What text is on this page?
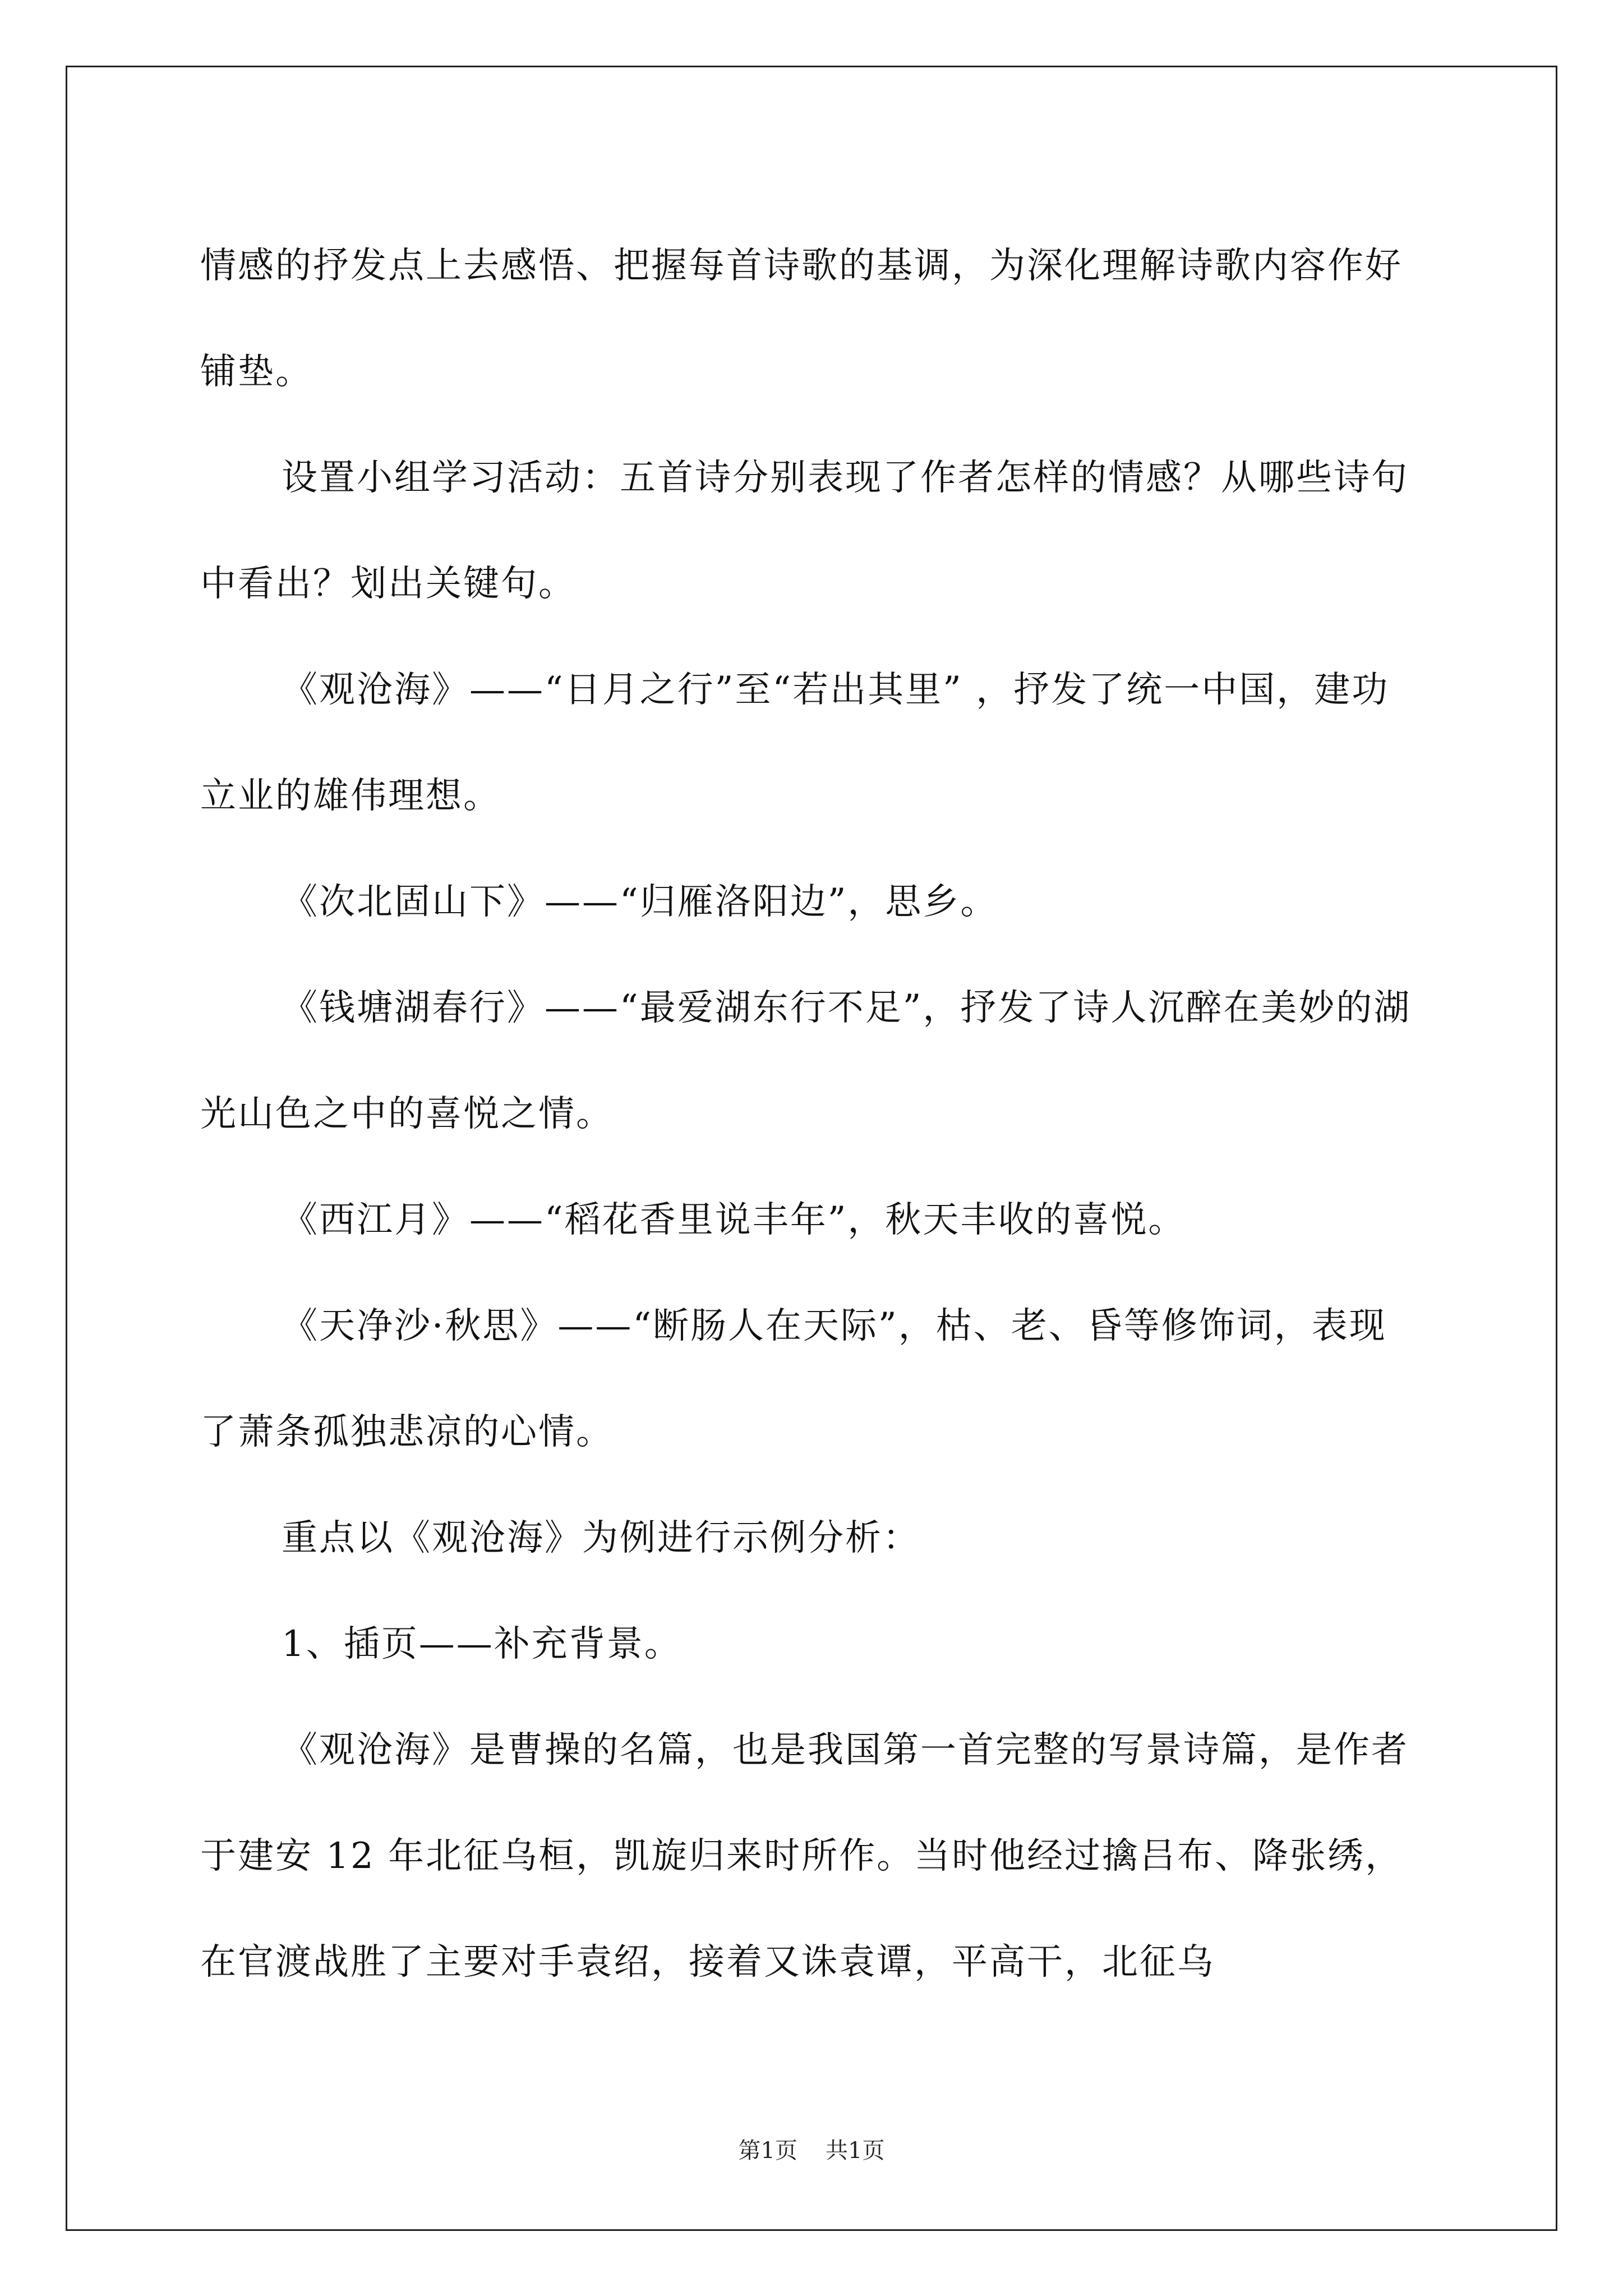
情感的抒发点上去感悟、把握每首诗歌的基调，为深化理解诗歌内容作好铺垫。

设置小组学习活动：五首诗分别表现了作者怎样的情感？从哪些诗句中看出？划出关键句。

《观沧海》——“日月之行”至“若出其里” ，抒发了统一中国，建功立业的雄伟理想。

《次北固山下》——“归雁洛阳边”，思乡。

《钱塘湖春行》——“最爱湖东行不足”，抒发了诗人沉醉在美妙的湖光山色之中的喜悦之情。

《西江月》——“稻花香里说丰年”，秋天丰收的喜悦。

《天净沙·秋思》——“断肠人在天际”，枯、老、昏等修饰词，表现了萧条孤独悲凉的心情。

重点以《观沧海》为例进行示例分析：

1、插页——补充背景。

《观沧海》是曹操的名篇，也是我国第一首完整的写景诗篇，是作者于建安 12 年北征乌桓，凯旋归来时所作。当时他经过擒吕布、降张绣，在官渡战胜了主要对手袁绍，接着又诛袁谭，平高干，北征乌

第1页 共1页
